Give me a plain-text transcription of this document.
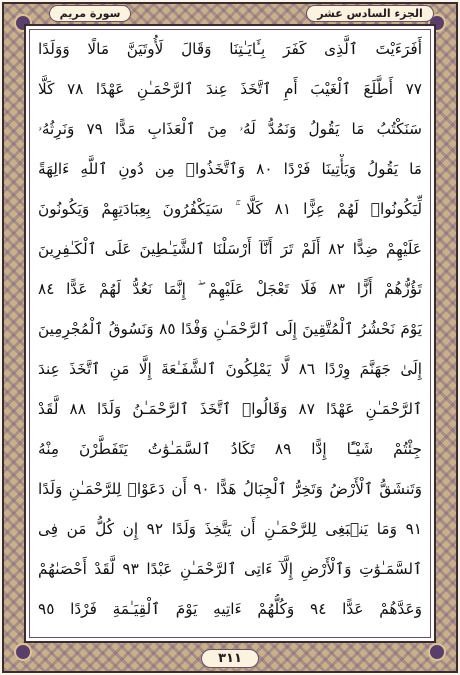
الجزء السادس عشر
سورة مريم
أَفَرَءَيْتَ ٱلَّذِى كَفَرَ بِـَٔايَـٰتِنَا وَقَالَ لَأُوتَيَنَّ مَالًا وَوَلَدًا
٧٧ أَطَّلَعَ ٱلْغَيْبَ أَمِ ٱتَّخَذَ عِندَ ٱلرَّحْمَـٰنِ عَهْدًا ٧٨ كَلَّا
سَنَكْتُبُ مَا يَقُولُ وَنَمُدُّ لَهُۥ مِنَ ٱلْعَذَابِ مَدًّا ٧٩ وَنَرِثُهُۥ
مَا يَقُولُ وَيَأْتِينَا فَرْدًا ٨٠ وَٱتَّخَذُوا۟ مِن دُونِ ٱللَّهِ ءَالِهَةً
لِّيَكُونُوا۟ لَهُمْ عِزًّا ٨١ كَلَّا ۚ سَيَكْفُرُونَ بِعِبَادَتِهِمْ وَيَكُونُونَ
عَلَيْهِمْ ضِدًّا ٨٢ أَلَمْ تَرَ أَنَّآ أَرْسَلْنَا ٱلشَّيَـٰطِينَ عَلَى ٱلْكَـٰفِرِينَ
تَؤُزُّهُمْ أَزًّا ٨٣ فَلَا تَعْجَلْ عَلَيْهِمْ ۖ إِنَّمَا نَعُدُّ لَهُمْ عَدًّا ٨٤
يَوْمَ نَحْشُرُ ٱلْمُتَّقِينَ إِلَى ٱلرَّحْمَـٰنِ وَفْدًا ٨٥ وَنَسُوقُ ٱلْمُجْرِمِينَ
إِلَىٰ جَهَنَّمَ وِرْدًا ٨٦ لَّا يَمْلِكُونَ ٱلشَّفَـٰعَةَ إِلَّا مَنِ ٱتَّخَذَ عِندَ
ٱلرَّحْمَـٰنِ عَهْدًا ٨٧ وَقَالُوا۟ ٱتَّخَذَ ٱلرَّحْمَـٰنُ وَلَدًا ٨٨ لَّقَدْ
جِئْتُمْ شَيْـًٔا إِدًّا ٨٩ تَكَادُ ٱلسَّمَـٰوَٰتُ يَتَفَطَّرْنَ مِنْهُ
وَتَنشَقُّ ٱلْأَرْضُ وَتَخِرُّ ٱلْجِبَالُ هَدًّا ٩٠ أَن دَعَوْا۟ لِلرَّحْمَـٰنِ وَلَدًا
٩١ وَمَا يَنۢبَغِى لِلرَّحْمَـٰنِ أَن يَتَّخِذَ وَلَدًا ٩٢ إِن كُلُّ مَن فِى
ٱلسَّمَـٰوَٰتِ وَٱلْأَرْضِ إِلَّآ ءَاتِى ٱلرَّحْمَـٰنِ عَبْدًا ٩٣ لَّقَدْ أَحْصَىٰهُمْ
وَعَدَّهُمْ عَدًّا ٩٤ وَكُلُّهُمْ ءَاتِيهِ يَوْمَ ٱلْقِيَـٰمَةِ فَرْدًا ٩٥
٣١١
